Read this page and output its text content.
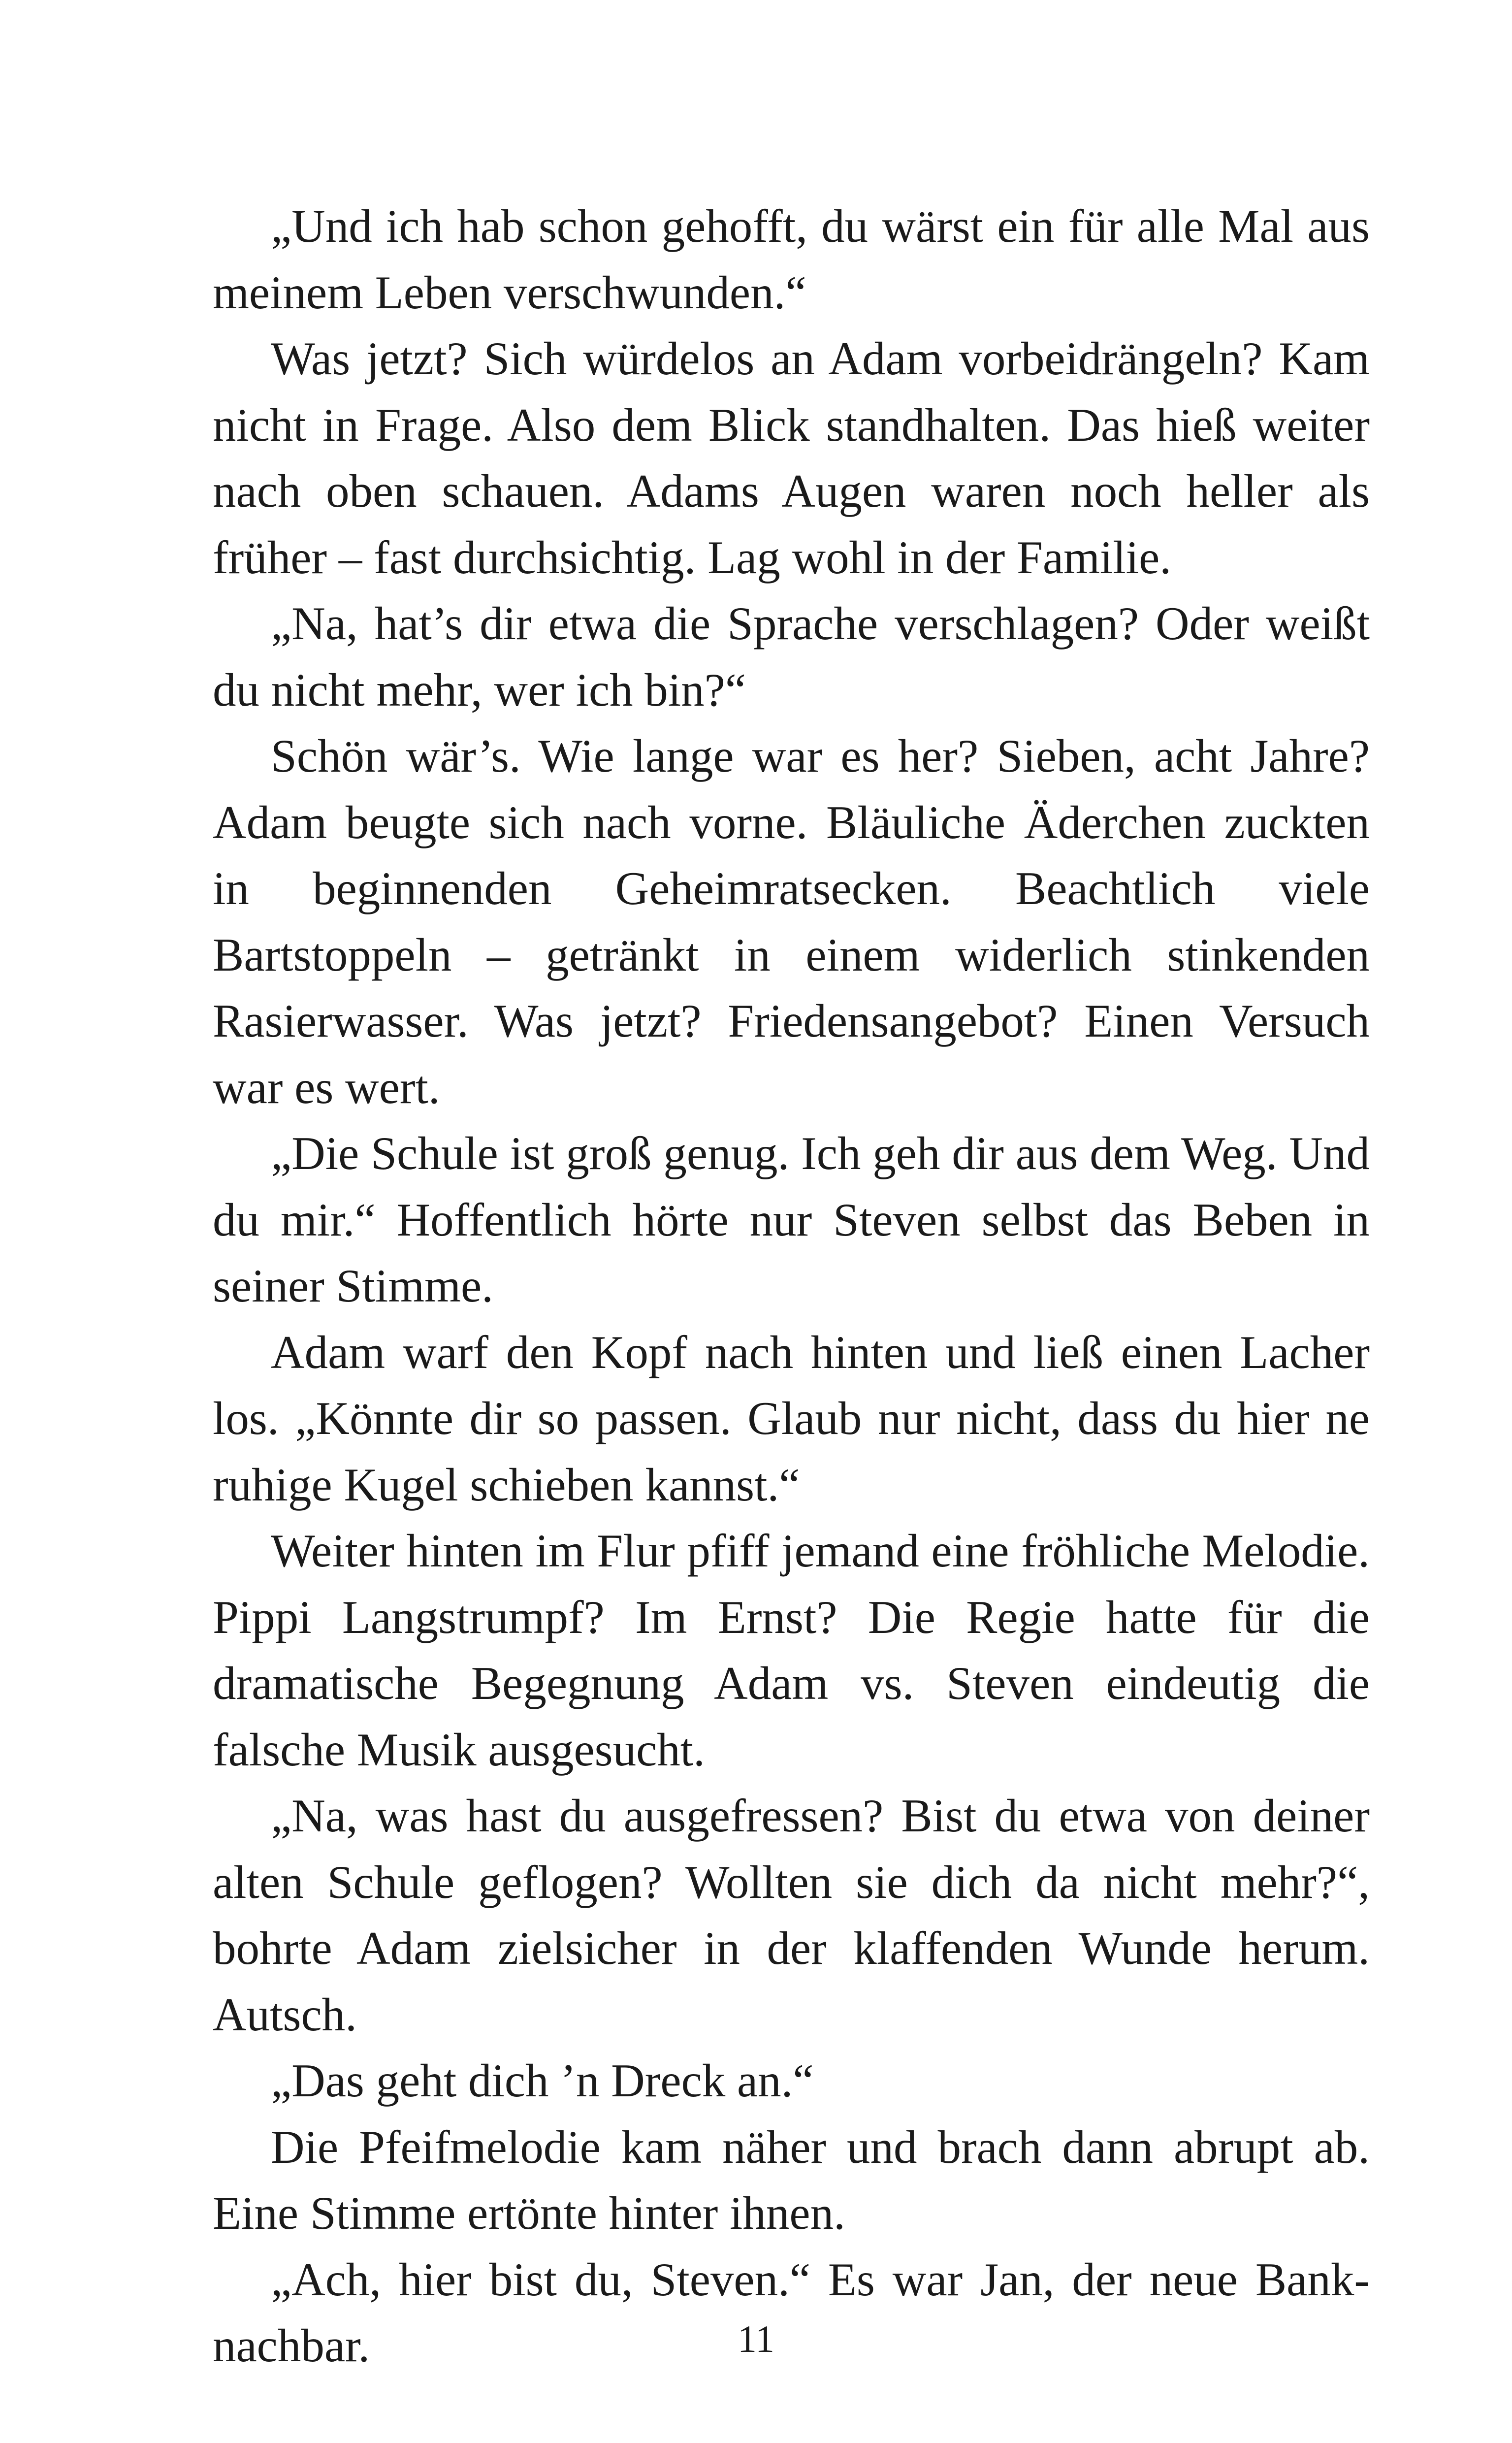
„Und ich hab schon gehofft, du wärst ein für alle Mal aus meinem Leben verschwunden.“

Was jetzt? Sich würdelos an Adam vorbeidrängeln? Kam nicht in Frage. Also dem Blick standhalten. Das hieß weiter nach oben schauen. Adams Augen waren noch heller als früher – fast durchsichtig. Lag wohl in der Familie.

„Na, hat’s dir etwa die Sprache verschlagen? Oder weißt du nicht mehr, wer ich bin?“

Schön wär’s. Wie lange war es her? Sieben, acht Jahre? Adam beugte sich nach vorne. Bläuliche Äderchen zuckten in beginnenden Geheimratsecken. Beachtlich viele Bartstoppeln – getränkt in einem widerlich stinkenden Rasierwasser. Was jetzt? Friedensangebot? Einen Versuch war es wert.

„Die Schule ist groß genug. Ich geh dir aus dem Weg. Und du mir.“ Hoffentlich hörte nur Steven selbst das Beben in seiner Stimme.

Adam warf den Kopf nach hinten und ließ einen Lacher los. „Könnte dir so passen. Glaub nur nicht, dass du hier ne ruhige Kugel schieben kannst.“

Weiter hinten im Flur pfiff jemand eine fröhliche Melodie. Pippi Langstrumpf? Im Ernst? Die Regie hatte für die dramatische Begegnung Adam vs. Steven eindeutig die falsche Musik ausgesucht.

„Na, was hast du ausgefressen? Bist du etwa von deiner alten Schule geflogen? Wollten sie dich da nicht mehr?“, bohrte Adam zielsicher in der klaffenden Wunde herum. Autsch.

„Das geht dich ’n Dreck an.“

Die Pfeifmelodie kam näher und brach dann abrupt ab. Eine Stimme ertönte hinter ihnen.

„Ach, hier bist du, Steven.“ Es war Jan, der neue Banknachbar.	11
